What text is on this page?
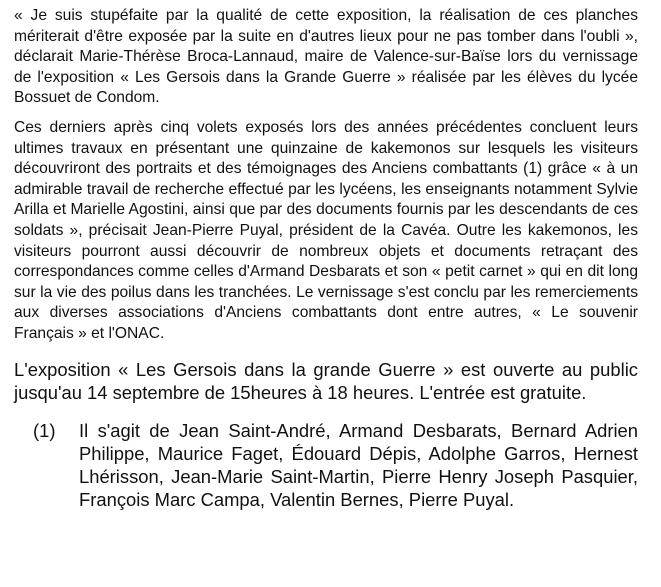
« Je suis stupéfaite par la qualité de cette exposition, la réalisation de ces planches mériterait d'être exposée par la suite en d'autres lieux pour ne pas tomber dans l'oubli », déclarait Marie-Thérèse Broca-Lannaud, maire de Valence-sur-Baïse lors du vernissage de l'exposition « Les Gersois dans la Grande Guerre » réalisée par les élèves du lycée Bossuet de Condom.

Ces derniers après cinq volets exposés lors des années précédentes concluent leurs ultimes travaux en présentant une quinzaine de kakemonos sur lesquels les visiteurs découvriront des portraits et des témoignages des Anciens combattants (1) grâce « à un admirable travail de recherche effectué par les lycéens, les enseignants notamment Sylvie Arilla et Marielle Agostini, ainsi que par des documents fournis par les descendants de ces soldats », précisait Jean-Pierre Puyal, président de la Cavéa. Outre les kakemonos, les visiteurs pourront aussi découvrir de nombreux objets et documents retraçant des correspondances comme celles d'Armand Desbarats et son « petit carnet » qui en dit long sur la vie des poilus dans les tranchées. Le vernissage s'est conclu par les remerciements aux diverses associations d'Anciens combattants dont entre autres, « Le souvenir Français » et l'ONAC.

L'exposition « Les Gersois dans la grande Guerre » est ouverte au public jusqu'au 14 septembre de 15heures à 18 heures. L'entrée est gratuite.

(1)	Il s'agit de Jean Saint-André, Armand Desbarats, Bernard Adrien Philippe, Maurice Faget, Édouard Dépis, Adolphe Garros, Hernest Lhérisson, Jean-Marie Saint-Martin, Pierre Henry Joseph Pasquier, François Marc Campa, Valentin Bernes, Pierre Puyal.
